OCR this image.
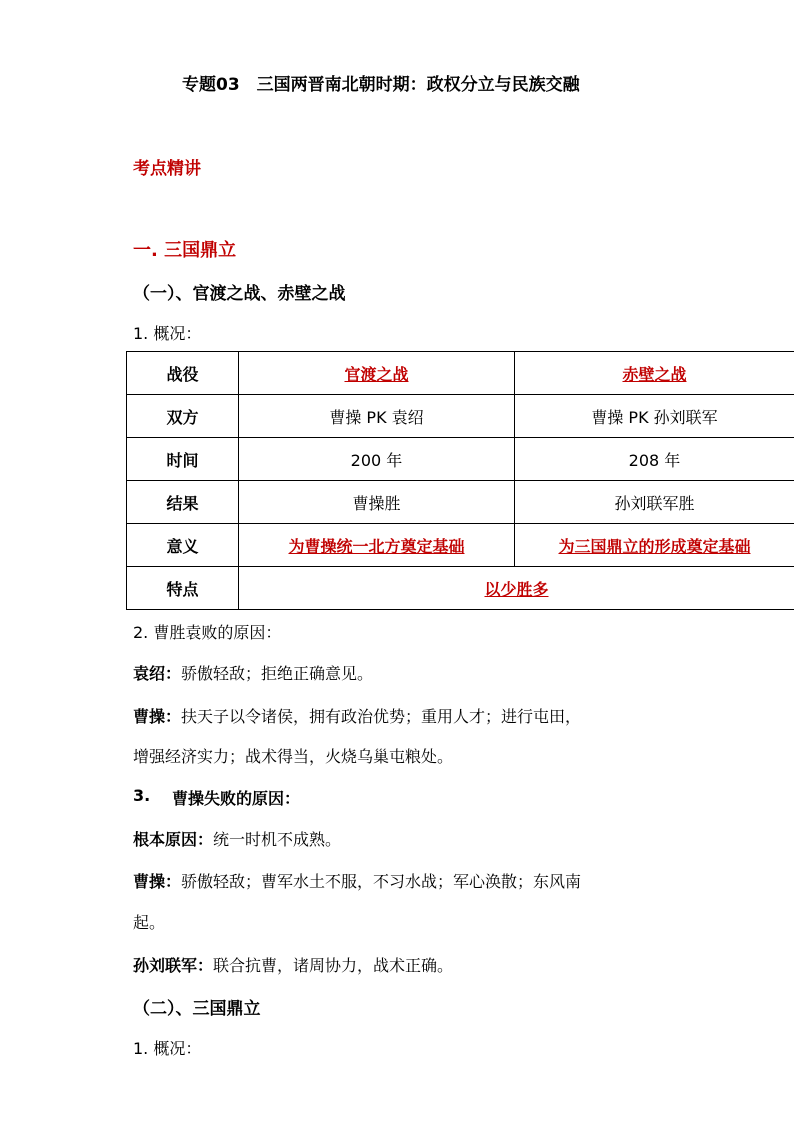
专题03　三国两晋南北朝时期：政权分立与民族交融
考点精讲
一. 三国鼎立
（一）、官渡之战、赤壁之战
1. 概况：
战役	官渡之战	赤壁之战
双方	曹操 PK 袁绍	曹操 PK 孙刘联军
时间	200 年	208 年
结果	曹操胜	孙刘联军胜
意义	为曹操统一北方奠定基础	为三国鼎立的形成奠定基础
特点	以少胜多	
2. 曹胜袁败的原因：
袁绍：骄傲轻敌；拒绝正确意见。
曹操：扶天子以令诸侯，拥有政治优势；重用人才；进行屯田，
增强经济实力；战术得当，火烧乌巢屯粮处。
3. 曹操失败的原因：
根本原因：统一时机不成熟。
曹操：骄傲轻敌；曹军水土不服，不习水战；军心涣散；东风南
起。
孙刘联军：联合抗曹，诸周协力，战术正确。
（二）、三国鼎立
1. 概况：
